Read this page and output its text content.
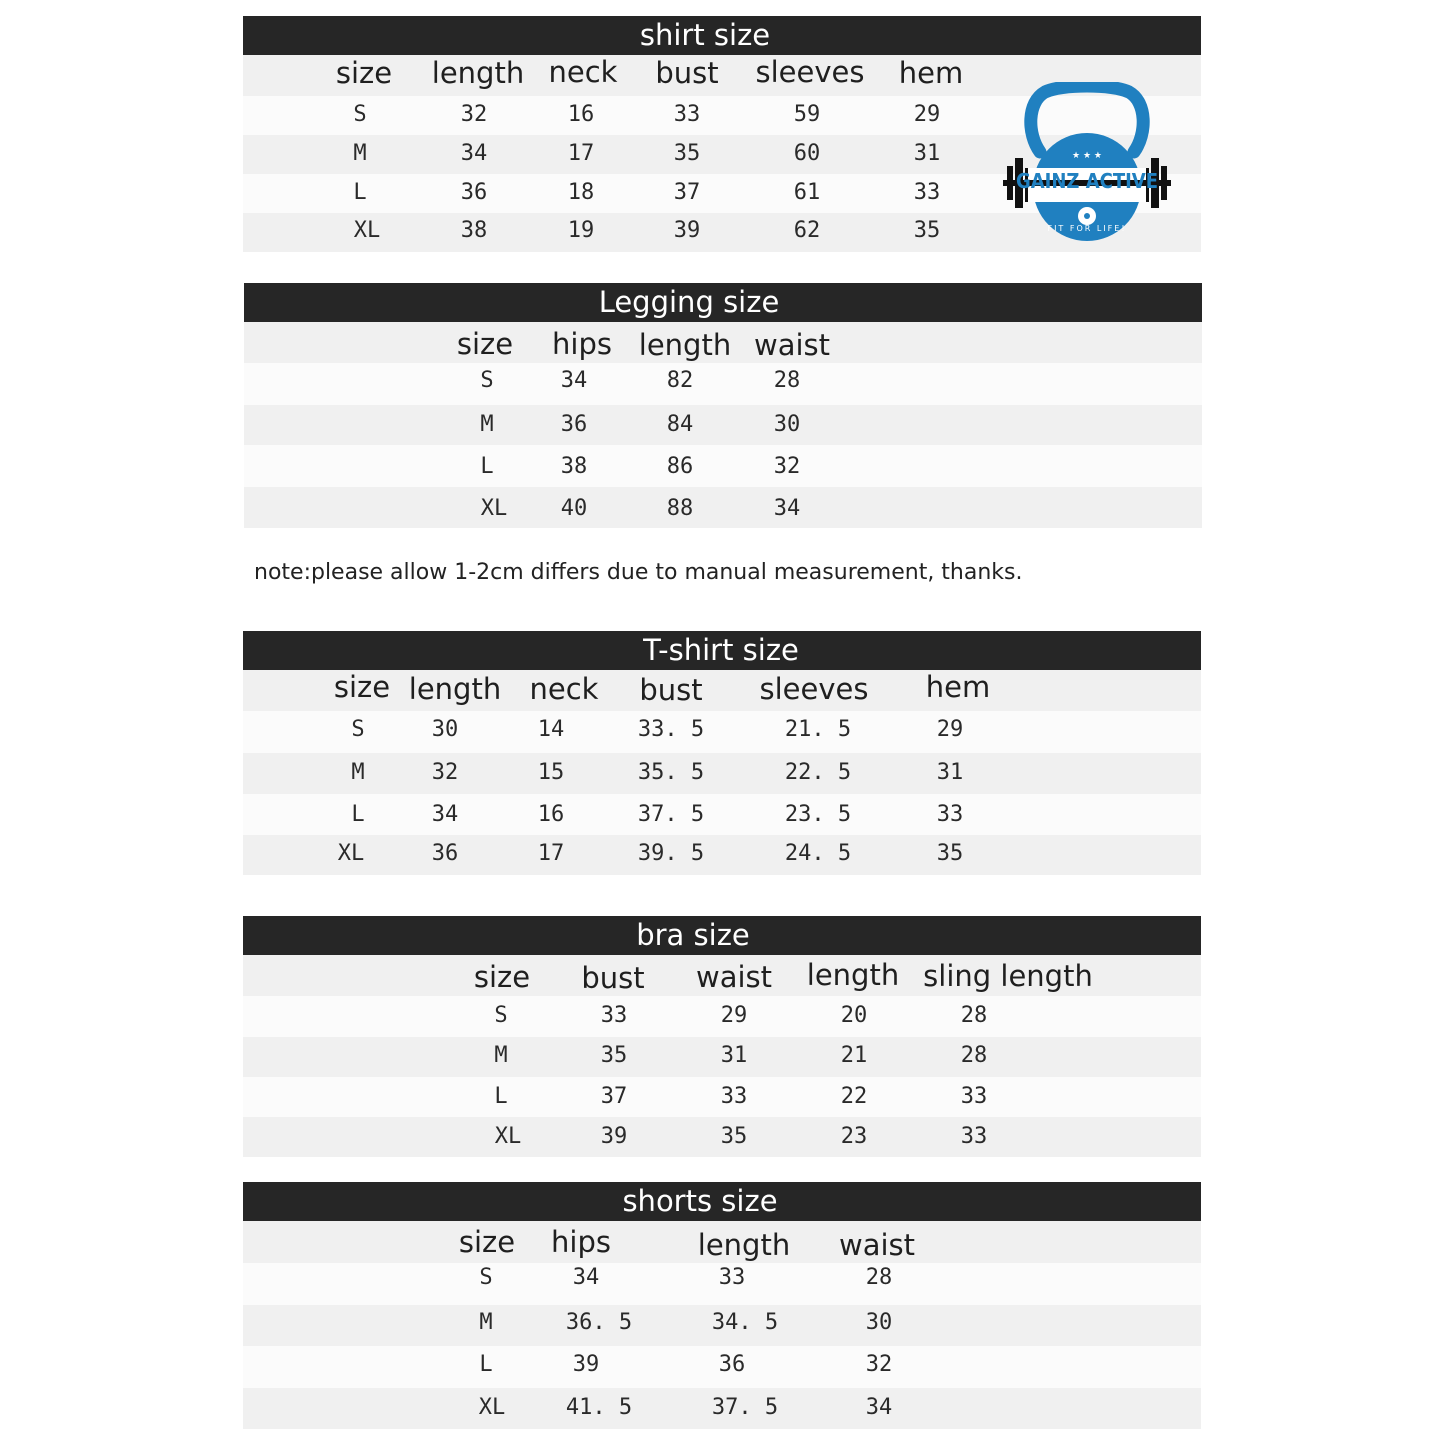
shirt size
size length neck bust sleeves hem
S	32	16	33	59	29
M	34	17	35	60	31
L	36	18	37	61	33
XL	38	19	39	62	35
★ ★ ★
GAINZ ACTIVE
FIT FOR LIFE!
Legging size
size hips length waist
S	34	82	28
M	36	84	30
L	38	86	32
XL 40	88	34
note:please allow 1-2cm differs due to manual measurement, thanks.
T-shirt size
size length neck bust sleeves hem
S	30	14	33. 5	21. 5	29
M	32	15	35. 5	22. 5	31
L	34	16	37. 5	23. 5	33
XL	36	17	39. 5	24. 5	35
bra size
size bust waist length sling length
S	33	29	20	28
M	35	31	21	28
L	37	33	22	33
XL	39	35	23	33
shorts size
size hips	length waist
S	34	33	28
M	36. 5	34. 5	30
L	39	36	32
XL	41. 5	37. 5	34
